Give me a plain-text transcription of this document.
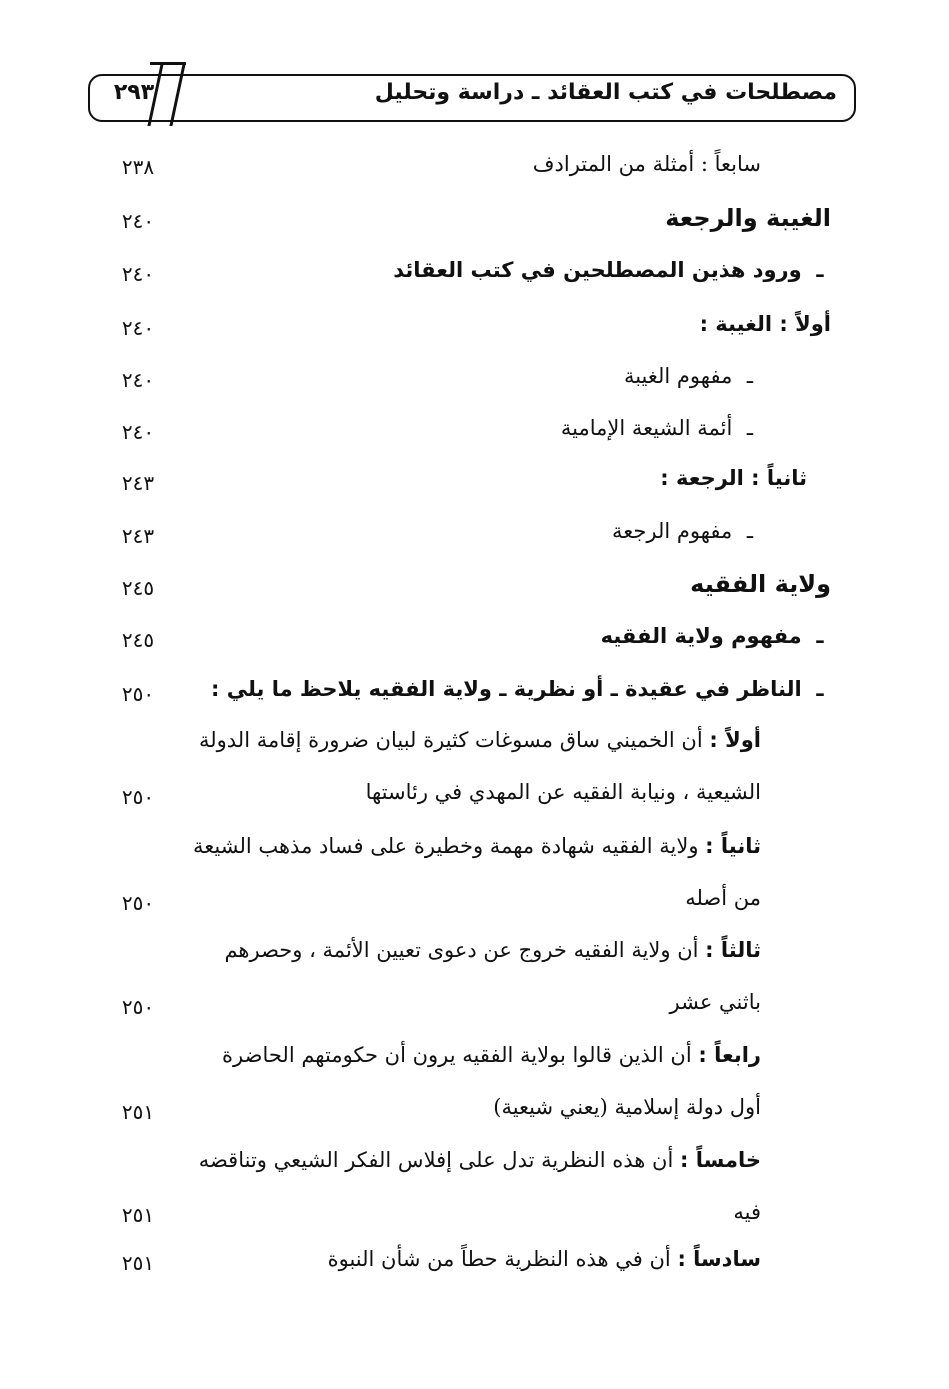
٢٩٣	مصطلحات في كتب العقائد ـ دراسة وتحليل
سابعاً : أمثلة من المترادف
٢٣٨
الغيبة والرجعة
٢٤٠
ـ ورود هذين المصطلحين في كتب العقائد
٢٤٠
أولاً : الغيبة :
٢٤٠
ـ مفهوم الغيبة
٢٤٠
ـ أئمة الشيعة الإمامية
٢٤٠
ثانياً : الرجعة :
٢٤٣
ـ مفهوم الرجعة
٢٤٣
ولاية الفقيه
٢٤٥
ـ مفهوم ولاية الفقيه
٢٤٥
ـ الناظر في عقيدة ـ أو نظرية ـ ولاية الفقيه يلاحظ ما يلي :
٢٥٠
أولاً : أن الخميني ساق مسوغات كثيرة لبيان ضرورة إقامة الدولة
الشيعية ، ونيابة الفقيه عن المهدي في رئاستها
٢٥٠
ثانياً : ولاية الفقيه شهادة مهمة وخطيرة على فساد مذهب الشيعة
من أصله
٢٥٠
ثالثاً : أن ولاية الفقيه خروج عن دعوى تعيين الأئمة ، وحصرهم
باثني عشر
٢٥٠
رابعاً : أن الذين قالوا بولاية الفقيه يرون أن حكومتهم الحاضرة
أول دولة إسلامية (يعني شيعية)
٢٥١
خامساً : أن هذه النظرية تدل على إفلاس الفكر الشيعي وتناقضه
فيه
٢٥١
سادساً : أن في هذه النظرية حطاً من شأن النبوة
٢٥١
